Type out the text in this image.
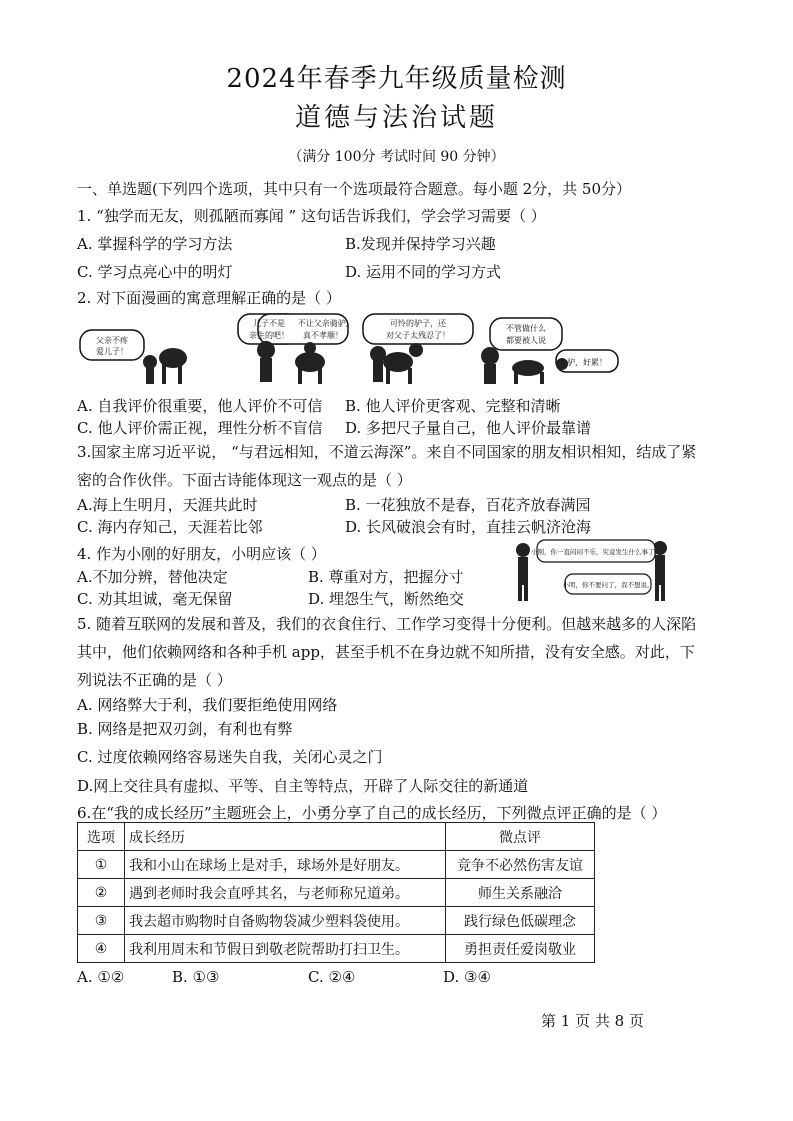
2024年春季九年级质量检测
道德与法治试题
（满分 100分 考试时间 90 分钟）
一、单选题(下列四个选项，其中只有一个选项最符合题意。每小题 2分，共 50分）
1. “独学而无友，则孤陋而寡闻 ” 这句话告诉我们，学会学习需要（ ）
A. 掌握科学的学习方法	B.发现并保持学习兴趣
C. 学习点亮心中的明灯	D. 运用不同的学习方式
2. 对下面漫画的寓意理解正确的是（ ）
父亲不疼
爱儿子！
儿子不是
亲生的吧！
不让父亲骑驴,
真不孝顺！
可怜的驴子，还
对父子太残忍了！
不管做什么
都要被人说
驴，好累！
A. 自我评价很重要，他人评价不可信 B. 他人评价更客观、完整和清晰
C. 他人评价需正视，理性分析不盲信 D. 多把尺子量自己，他人评价最靠谱
3.国家主席习近平说， “与君远相知，不道云海深”。来自不同国家的朋友相识相知，结成了紧密的合作伙伴。下面古诗能体现这一观点的是（ ）
A.海上生明月，天涯共此时	B. 一花独放不是春，百花齐放春满园
C. 海内存知己，天涯若比邻	D. 长风破浪会有时，直挂云帆济沧海
4. 作为小刚的好朋友，小明应该（ ）
A.不加分辨，替他决定	B. 尊重对方，把握分寸
C. 劝其坦诚，毫无保留	D. 埋怨生气，断然绝交
小刚，你一直闷闷不乐，究竟发生什么事了？
小明，你不要问了，我不想说。
5. 随着互联网的发展和普及，我们的衣食住行、工作学习变得十分便利。但越来越多的人深陷其中，他们依赖网络和各种手机 app，甚至手机不在身边就不知所措，没有安全感。对此，下列说法不正确的是（ ）
A. 网络弊大于利，我们要拒绝使用网络
B. 网络是把双刃剑，有利也有弊
C. 过度依赖网络容易迷失自我，关闭心灵之门
D.网上交往具有虚拟、平等、自主等特点，开辟了人际交往的新通道
6.在“我的成长经历”主题班会上，小勇分享了自己的成长经历，下列微点评正确的是（ ）
选项	成长经历	微点评
①	我和小山在球场上是对手，球场外是好朋友。	竞争不必然伤害友谊
②	遇到老师时我会直呼其名，与老师称兄道弟。	师生关系融洽
③	我去超市购物时自备购物袋减少塑料袋使用。	践行绿色低碳理念
④	我利用周末和节假日到敬老院帮助打扫卫生。	勇担责任爱岗敬业
A. ①②	B. ①③	C. ②④	D. ③④
第 1 页 共 8 页
